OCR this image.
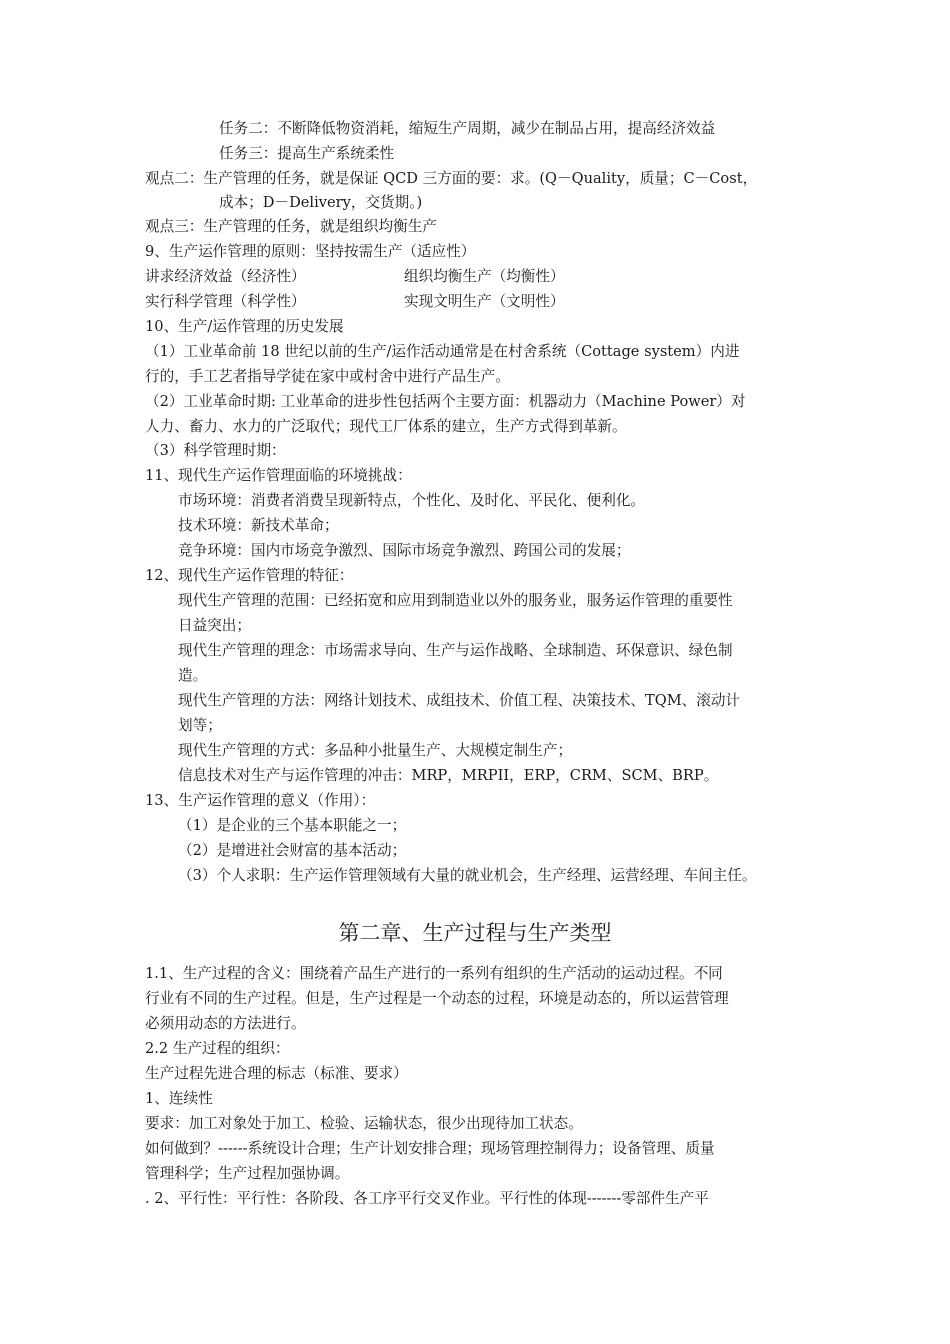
任务二：不断降低物资消耗，缩短生产周期，减少在制品占用，提高经济效益
任务三：提高生产系统柔性
观点二：生产管理的任务，就是保证 QCD 三方面的要：求。(Q－Quality，质量；C－Cost，
成本；D－Delivery，交货期。)
观点三：生产管理的任务，就是组织均衡生产
9、生产运作管理的原则：坚持按需生产（适应性）

讲求经济效益（经济性）

	组织均衡生产（均衡性）

实行科学管理（科学性）

	实现文明生产（文明性）

10、生产/运作管理的历史发展
（1）工业革命前 18 世纪以前的生产/运作活动通常是在村舍系统（Cottage system）内进
行的，手工艺者指导学徒在家中或村舍中进行产品生产。
（2）工业革命时期: 工业革命的进步性包括两个主要方面：机器动力（Machine Power）对
人力、畜力、水力的广泛取代；现代工厂体系的建立，生产方式得到革新。
（3）科学管理时期：
11、现代生产运作管理面临的环境挑战：
市场环境：消费者消费呈现新特点，个性化、及时化、平民化、便利化。
技术环境：新技术革命；
竞争环境：国内市场竞争激烈、国际市场竞争激烈、跨国公司的发展；
12、现代生产运作管理的特征：
现代生产管理的范围：已经拓宽和应用到制造业以外的服务业，服务运作管理的重要性
日益突出；
现代生产管理的理念：市场需求导向、生产与运作战略、全球制造、环保意识、绿色制
造。
现代生产管理的方法：网络计划技术、成组技术、价值工程、决策技术、TQM、滚动计
划等；
现代生产管理的方式：多品种小批量生产、大规模定制生产；
信息技术对生产与运作管理的冲击：MRP，MRPII，ERP，CRM、SCM、BRP。
13、生产运作管理的意义（作用）：
（1）是企业的三个基本职能之一；
（2）是增进社会财富的基本活动；
（3）个人求职：生产运作管理领域有大量的就业机会，生产经理、运营经理、车间主任。
第二章、生产过程与生产类型
1.1、生产过程的含义：围绕着产品生产进行的一系列有组织的生产活动的运动过程。不同
行业有不同的生产过程。但是，生产过程是一个动态的过程，环境是动态的，所以运营管理
必须用动态的方法进行。
2.2 生产过程的组织：
生产过程先进合理的标志（标准、要求）
1、连续性
要求：加工对象处于加工、检验、运输状态，很少出现待加工状态。
如何做到？------系统设计合理；生产计划安排合理；现场管理控制得力；设备管理、质量
管理科学；生产过程加强协调。
. 2、平行性：平行性：各阶段、各工序平行交叉作业。平行性的体现-------零部件生产平
